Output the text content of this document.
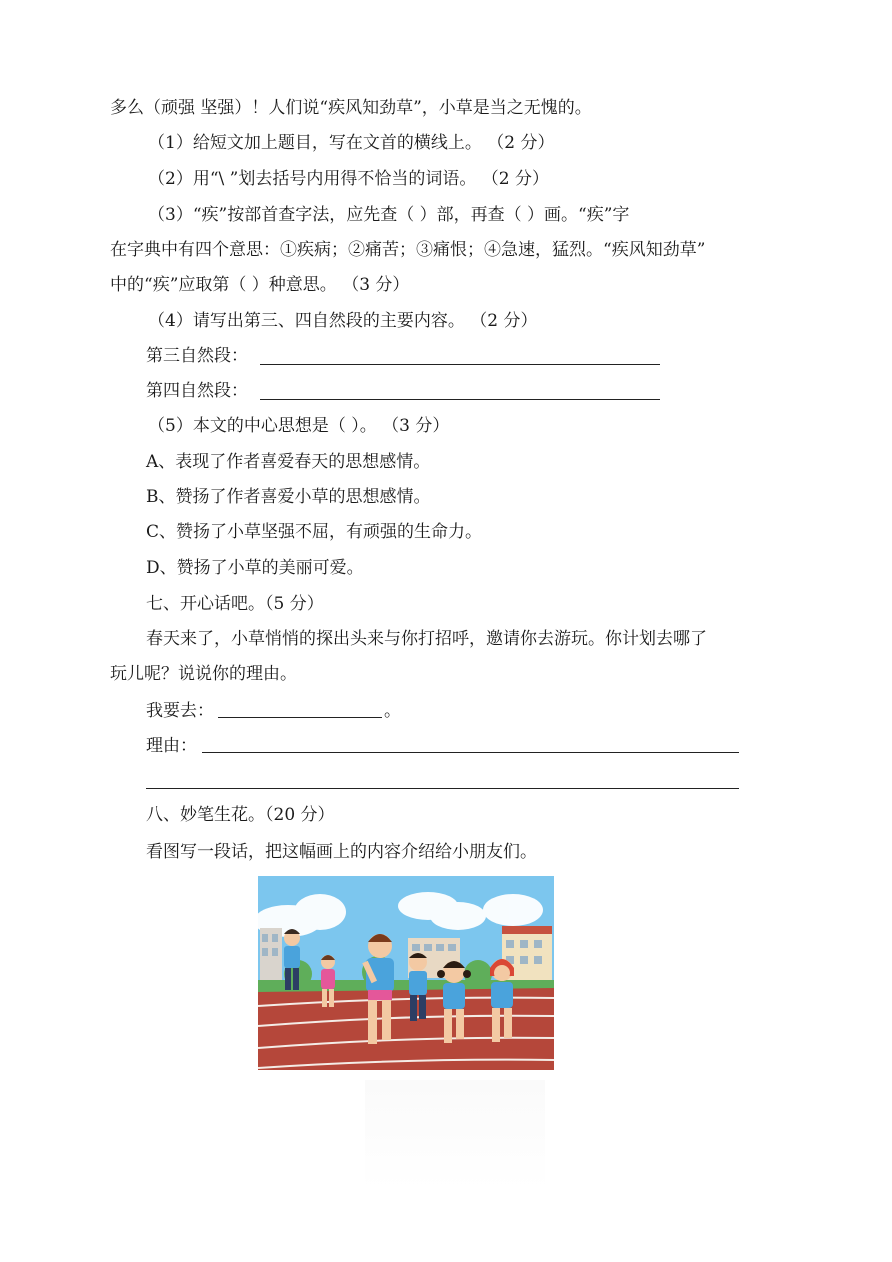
多么（顽强 坚强）！人们说“疾风知劲草”，小草是当之无愧的。
（1）给短文加上题目，写在文首的横线上。 （2 分）
（2）用“\ ”划去括号内用得不恰当的词语。 （2 分）
（3）“疾”按部首查字法，应先查（ ）部，再查（ ）画。“疾”字
在字典中有四个意思：①疾病；②痛苦；③痛恨；④急速，猛烈。“疾风知劲草”
中的“疾”应取第（ ）种意思。 （3 分）
（4）请写出第三、四自然段的主要内容。 （2 分）
第三自然段：
第四自然段：
（5）本文的中心思想是（ ）。 （3 分）
A、表现了作者喜爱春天的思想感情。
B、赞扬了作者喜爱小草的思想感情。
C、赞扬了小草坚强不屈，有顽强的生命力。
D、赞扬了小草的美丽可爱。
七、开心话吧。（5 分）
春天来了，小草悄悄的探出头来与你打招呼，邀请你去游玩。你计划去哪了
玩儿呢？说说你的理由。
我要去：	。
理由：
八、妙笔生花。（20 分）
看图写一段话，把这幅画上的内容介绍给小朋友们。
